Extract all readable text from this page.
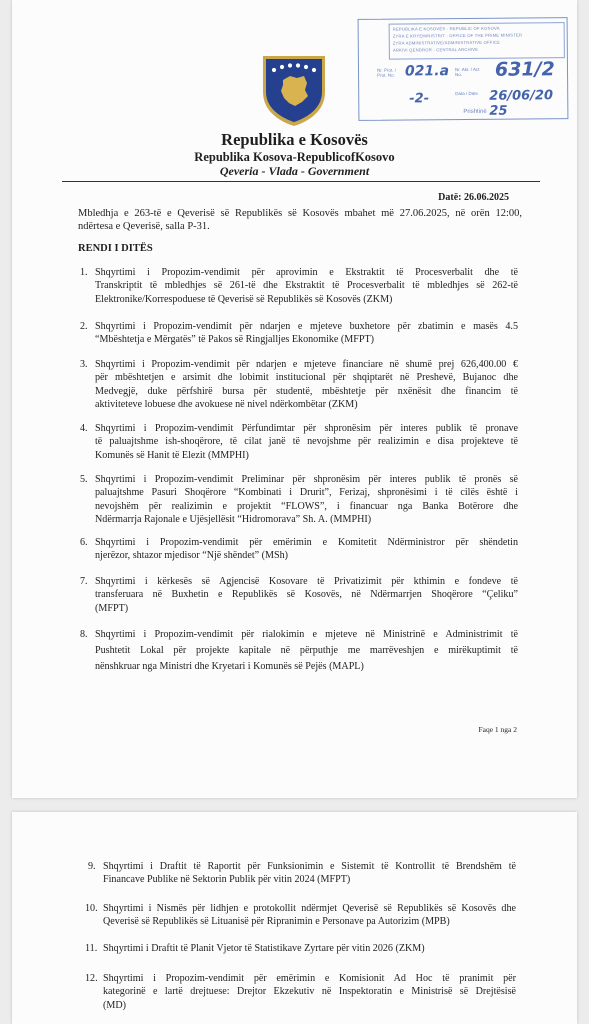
REPUBLIKA E KOSOVËS - REPUBLIC OF KOSOVA
ZYRA E KRYEMINISTRIT - OFFICE OF THE PRIME MINISTER
ZYRA ADMINISTRATIVE/ADMINISTRATIVE OFFICE
ARKIVI QENDROR - CENTRAL ARCHIVE
Nr. Prot. / Prot. No.
Nr. Akt. / Act No.
Data / Date
021.a 631/2
-2-	26/06/20 25
Prishtinë
Republika e Kosovës
Republika Kosova-RepublicofKosovo
Qeveria - Vlada - Government
Datë: 26.06.2025
Mbledhja e 263-të e Qeverisë së Republikës së Kosovës mbahet më 27.06.2025, në orën 12:00,
ndërtesa e Qeverisë, salla P-31.
RENDI I DITËS
1. Shqyrtimi i Propozim-vendimit për aprovimin e Ekstraktit të Procesverbalit dhe të
Transkriptit të mbledhjes së 261-të dhe Ekstraktit të Procesverbalit të mbledhjes së 262-të
Elektronike/Korrespoduese të Qeverisë së Republikës së Kosovës (ZKM)
2. Shqyrtimi i Propozim-vendimit për ndarjen e mjeteve buxhetore për zbatimin e masës 4.5
“Mbështetja e Mërgatës” të Pakos së Ringjalljes Ekonomike (MFPT)
3. Shqyrtimi i Propozim-vendimit për ndarjen e mjeteve financiare në shumë prej 626,400.00 €
për mbështetjen e arsimit dhe lobimit institucional për shqiptarët në Preshevë, Bujanoc dhe
Medvegjë, duke përfshirë bursa për studentë, mbështetje për nxënësit dhe financim të
aktiviteteve lobuese dhe avokuese në nivel ndërkombëtar (ZKM)
4. Shqyrtimi i Propozim-vendimit Përfundimtar për shpronësim për interes publik të pronave
të paluajtshme ish-shoqërore, të cilat janë të nevojshme për realizimin e disa projekteve të
Komunës së Hanit të Elezit (MMPHI)
5. Shqyrtimi i Propozim-vendimit Preliminar për shpronësim për interes publik të pronës së
paluajtshme Pasuri Shoqërore “Kombinati i Drurit”, Ferizaj, shpronësimi i të cilës është i
nevojshëm për realizimin e projektit “FLOWS”, i financuar nga Banka Botërore dhe
Ndërmarrja Rajonale e Ujësjellësit “Hidromorava” Sh. A. (MMPHI)
6. Shqyrtimi i Propozim-vendimit për emërimin e Komitetit Ndërministror për shëndetin
njerëzor, shtazor mjedisor “Një shëndet” (MSh)
7. Shqyrtimi i kërkesës së Agjencisë Kosovare të Privatizimit për kthimin e fondeve të
transferuara në Buxhetin e Republikës së Kosovës, në Ndërmarrjen Shoqërore “Çeliku”
(MFPT)
8. Shqyrtimi i Propozim-vendimit për rialokimin e mjeteve në Ministrinë e Administrimit të
Pushtetit Lokal për projekte kapitale në përputhje me marrëveshjen e mirëkuptimit të
nënshkruar nga Ministri dhe Kryetari i Komunës së Pejës (MAPL)
Faqe 1 nga 2
9. Shqyrtimi i Draftit të Raportit për Funksionimin e Sistemit të Kontrollit të Brendshëm të
Financave Publike në Sektorin Publik për vitin 2024 (MFPT)
10. Shqyrtimi i Nismës për lidhjen e protokollit ndërmjet Qeverisë së Republikës së Kosovës dhe
Qeverisë së Republikës së Lituanisë për Ripranimin e Personave pa Autorizim (MPB)
11. Shqyrtimi i Draftit të Planit Vjetor të Statistikave Zyrtare për vitin 2026 (ZKM)
12. Shqyrtimi i Propozim-vendimit për emërimin e Komisionit Ad Hoc të pranimit për
kategorinë e lartë drejtuese: Drejtor Ekzekutiv në Inspektoratin e Ministrisë së Drejtësisë
(MD)
